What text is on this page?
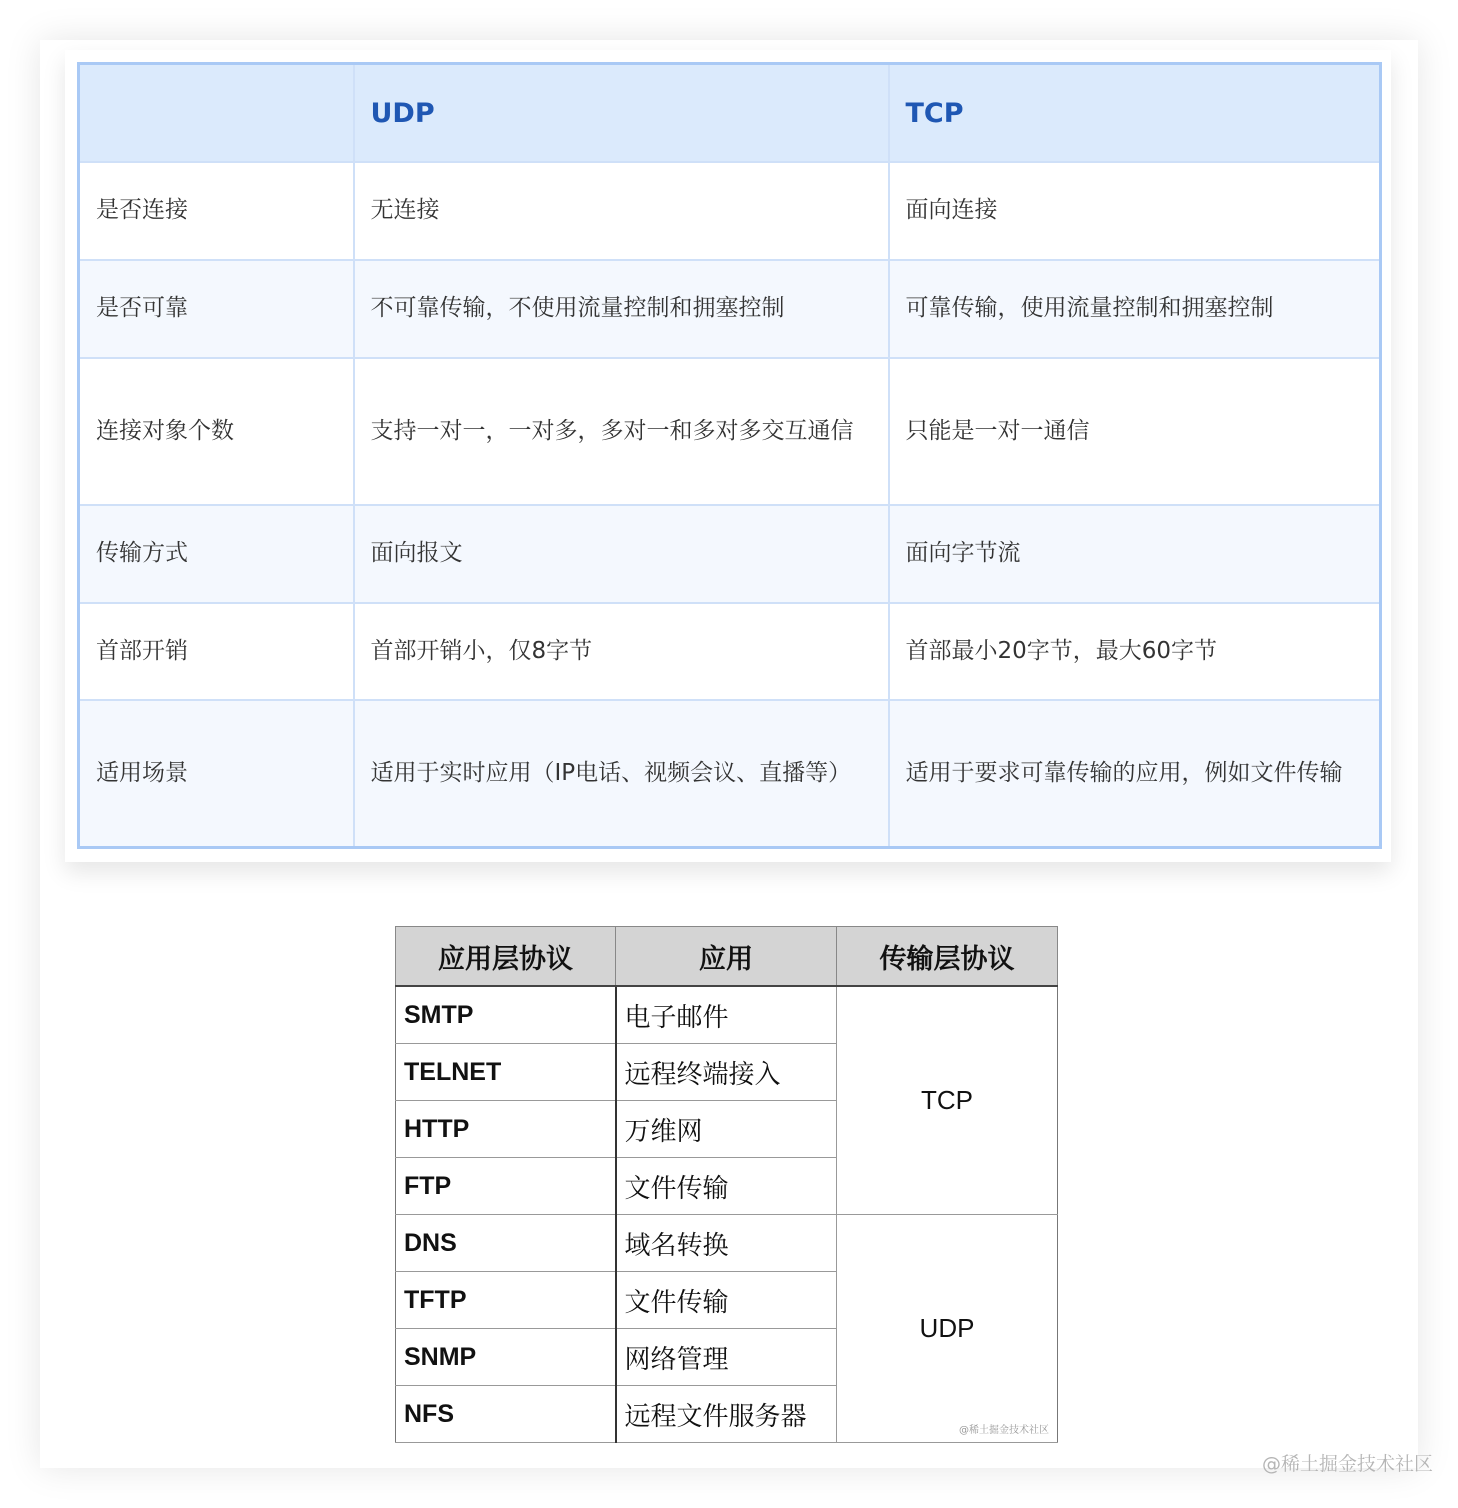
	UDP	TCP
是否连接	无连接	面向连接
是否可靠	不可靠传输，不使用流量控制和拥塞控制	可靠传输，使用流量控制和拥塞控制
连接对象个数	支持一对一，一对多，多对一和多对多交互通信	只能是一对一通信
传输方式	面向报文	面向字节流
首部开销	首部开销小，仅8字节	首部最小20字节，最大60字节
适用场景	适用于实时应用（IP电话、视频会议、直播等）	适用于要求可靠传输的应用，例如文件传输
应用层协议	应用	传输层协议
SMTP	电子邮件	TCP
TELNET	远程终端接入	
HTTP	万维网	
FTP	文件传输	
DNS	域名转换	UDP
@稀土掘金技术社区

TFTP	文件传输	
SNMP	网络管理	
NFS	远程文件服务器	
@稀土掘金技术社区
